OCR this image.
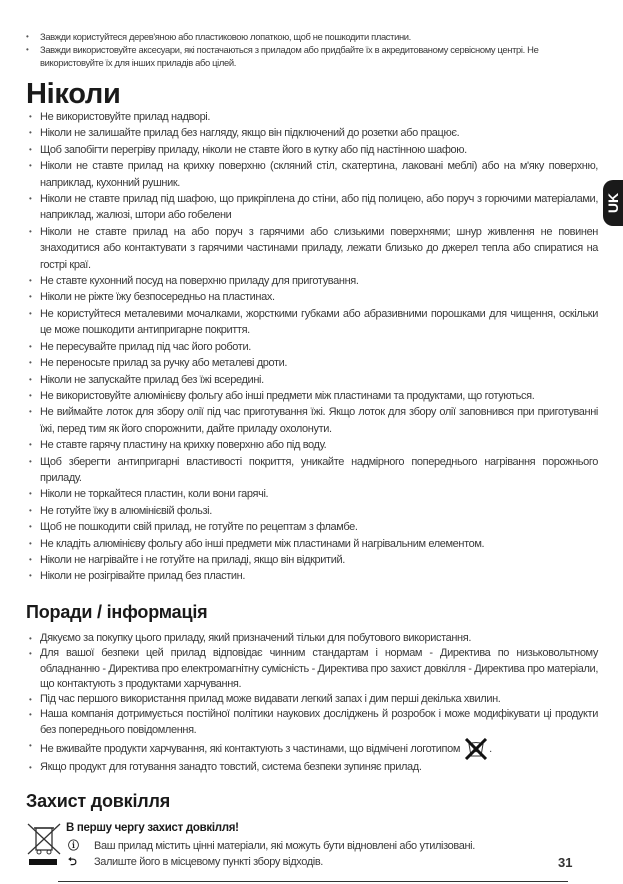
• Завжди користуйтеся дерев'яною або пластиковою лопаткою, щоб не пошкодити пластини.
• Завжди використовуйте аксесуари, які постачаються з приладом або придбайте їх в акредитованому сервісному центрі. Не використовуйте їх для інших приладів або цілей.
Ніколи
• Не використовуйте прилад надворі.
• Ніколи не залишайте прилад без нагляду, якщо він підключений до розетки або працює.
• Щоб запобігти перегріву приладу, ніколи не ставте його в кутку або під настінною шафою.
• Ніколи не ставте прилад на крихку поверхню (скляний стіл, скатертина, лаковані меблі) або на м'яку поверхню, наприклад, кухонний рушник.
• Ніколи не ставте прилад під шафою, що прикріплена до стіни, або під полицею, або поруч з горючими матеріалами, наприклад, жалюзі, штори або гобелени
• Ніколи не ставте прилад на або поруч з гарячими або слизькими поверхнями; шнур живлення не повинен знаходитися або контактувати з гарячими частинами приладу, лежати близько до джерел тепла або спиратися на гострі краї.
• Не ставте кухонний посуд на поверхню приладу для приготування.
• Ніколи не ріжте їжу безпосередньо на пластинах.
• Не користуйтеся металевими мочалками, жорсткими губками або абразивними порошками для чищення, оскільки це може пошкодити антипригарне покриття.
• Не пересувайте прилад під час його роботи.
• Не переносьте прилад за ручку або металеві дроти.
• Ніколи не запускайте прилад без їжі всередині.
• Не використовуйте алюмінієву фольгу або інші предмети між пластинами та продуктами, що готуються.
• Не виймайте лоток для збору олії під час приготування їжі. Якщо лоток для збору олії заповнився при приготуванні їжі, перед тим як його спорожнити, дайте приладу охолонути.
• Не ставте гарячу пластину на крихку поверхню або під воду.
• Щоб зберегти антипригарні властивості покриття, уникайте надмірного попереднього нагрівання порожнього приладу.
• Ніколи не торкайтеся пластин, коли вони гарячі.
• Не готуйте їжу в алюмінієвій фользі.
• Щоб не пошкодити свій прилад, не готуйте по рецептам з фламбе.
• Не кладіть алюмінієву фольгу або інші предмети між пластинами й нагрівальним елементом.
• Ніколи не нагрівайте і не готуйте на приладі, якщо він відкритий.
• Ніколи не розігрівайте прилад без пластин.
UK
Поради / інформація
• Дякуємо за покупку цього приладу, який призначений тільки для побутового використання.
• Для вашої безпеки цей прилад відповідає чинним стандартам і нормам - Директива по низьковольтному обладнанню - Директива про електромагнітну сумісність - Директива про захист довкілля - Директива про матеріали, що контактують з продуктами харчування.
• Під час першого використання прилад може видавати легкий запах і дим перші декілька хвилин.
• Наша компанія дотримується постійної політики наукових досліджень й розробок і може модифікувати ці продукти без попереднього повідомлення.
• Не вживайте продукти харчування, які контактують з частинами, що відмічені логотипом	.
• Якщо продукт для готування занадто товстий, система безпеки зупиняє прилад.
Захист довкілля
В першу чергу захист довкілля!
ⓘ Ваш прилад містить цінні матеріали, які можуть бути відновлені або утилізовані.
⮌ Залиште його в місцевому пункті збору відходів.	31
